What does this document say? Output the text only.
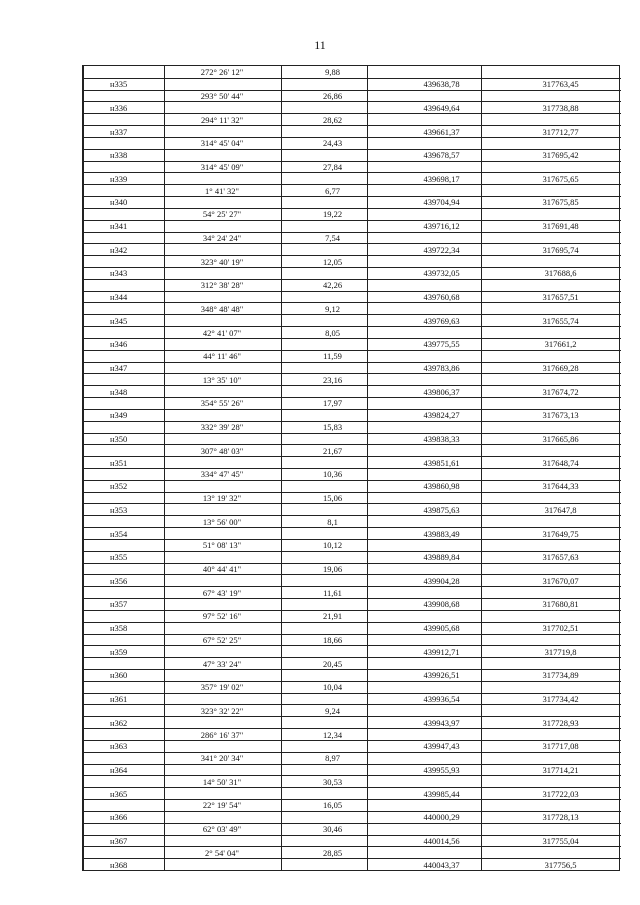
11
272° 26' 12"	9,88
н335	439638,78	317763,45
293° 50' 44"	26,86
н336	439649,64	317738,88
294° 11' 32"	28,62
н337	439661,37	317712,77
314° 45' 04"	24,43
н338	439678,57	317695,42
314° 45' 09"	27,84
н339	439698,17	317675,65
1° 41' 32"	6,77
н340	439704,94	317675,85
54° 25' 27"	19,22
н341	439716,12	317691,48
34° 24' 24"	7,54
н342	439722,34	317695,74
323° 40' 19"	12,05
н343	439732,05	317688,6
312° 38' 28"	42,26
н344	439760,68	317657,51
348° 48' 48"	9,12
н345	439769,63	317655,74
42° 41' 07"	8,05
н346	439775,55	317661,2
44° 11' 46"	11,59
н347	439783,86	317669,28
13° 35' 10"	23,16
н348	439806,37	317674,72
354° 55' 26"	17,97
н349	439824,27	317673,13
332° 39' 28"	15,83
н350	439838,33	317665,86
307° 48' 03"	21,67
н351	439851,61	317648,74
334° 47' 45"	10,36
н352	439860,98	317644,33
13° 19' 32"	15,06
н353	439875,63	317647,8
13° 56' 00"	8,1
н354	439883,49	317649,75
51° 08' 13"	10,12
н355	439889,84	317657,63
40° 44' 41"	19,06
н356	439904,28	317670,07
67° 43' 19"	11,61
н357	439908,68	317680,81
97° 52' 16"	21,91
н358	439905,68	317702,51
67° 52' 25"	18,66
н359	439912,71	317719,8
47° 33' 24"	20,45
н360	439926,51	317734,89
357° 19' 02"	10,04
н361	439936,54	317734,42
323° 32' 22"	9,24
н362	439943,97	317728,93
286° 16' 37"	12,34
н363	439947,43	317717,08
341° 20' 34"	8,97
н364	439955,93	317714,21
14° 50' 31"	30,53
н365	439985,44	317722,03
22° 19' 54"	16,05
н366	440000,29	317728,13
62° 03' 49"	30,46
н367	440014,56	317755,04
2° 54' 04"	28,85
н368	440043,37	317756,5
